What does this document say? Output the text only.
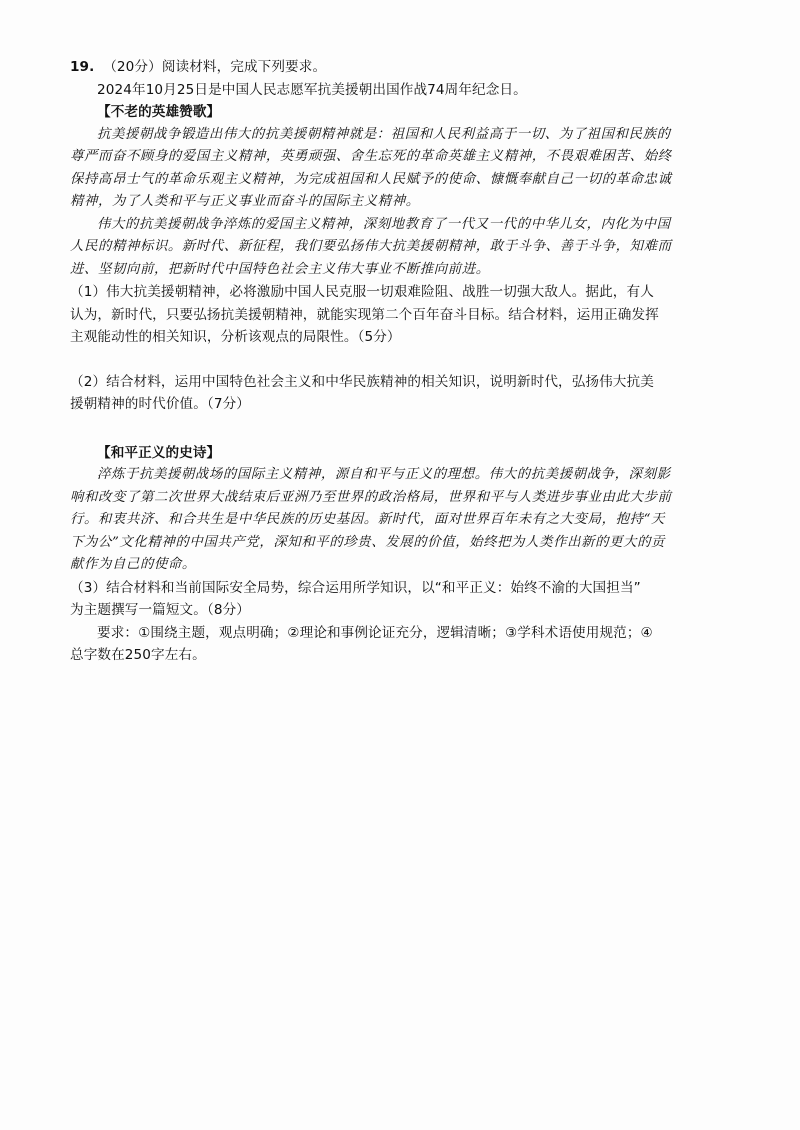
19. （20分）阅读材料，完成下列要求。
2024年10月25日是中国人民志愿军抗美援朝出国作战74周年纪念日。
【不老的英雄赞歌】
抗美援朝战争锻造出伟大的抗美援朝精神就是：祖国和人民利益高于一切、为了祖国和民族的
尊严而奋不顾身的爱国主义精神，英勇顽强、舍生忘死的革命英雄主义精神，不畏艰难困苦、始终
保持高昂士气的革命乐观主义精神，为完成祖国和人民赋予的使命、慷慨奉献自己一切的革命忠诚
精神，为了人类和平与正义事业而奋斗的国际主义精神。
伟大的抗美援朝战争淬炼的爱国主义精神，深刻地教育了一代又一代的中华儿女，内化为中国
人民的精神标识。新时代、新征程，我们要弘扬伟大抗美援朝精神，敢于斗争、善于斗争，知难而
进、坚韧向前，把新时代中国特色社会主义伟大事业不断推向前进。
（1）伟大抗美援朝精神，必将激励中国人民克服一切艰难险阻、战胜一切强大敌人。据此，有人
认为，新时代，只要弘扬抗美援朝精神，就能实现第二个百年奋斗目标。结合材料，运用正确发挥
主观能动性的相关知识，分析该观点的局限性。（5分）
（2）结合材料，运用中国特色社会主义和中华民族精神的相关知识，说明新时代，弘扬伟大抗美
援朝精神的时代价值。（7分）
【和平正义的史诗】
淬炼于抗美援朝战场的国际主义精神，源自和平与正义的理想。伟大的抗美援朝战争，深刻影
响和改变了第二次世界大战结束后亚洲乃至世界的政治格局，世界和平与人类进步事业由此大步前
行。和衷共济、和合共生是中华民族的历史基因。新时代，面对世界百年未有之大变局，抱持“天
下为公”文化精神的中国共产党，深知和平的珍贵、发展的价值，始终把为人类作出新的更大的贡
献作为自己的使命。
（3）结合材料和当前国际安全局势，综合运用所学知识，以“和平正义：始终不渝的大国担当”
为主题撰写一篇短文。（8分）
要求：①围绕主题，观点明确；②理论和事例论证充分，逻辑清晰；③学科术语使用规范；④
总字数在250字左右。
